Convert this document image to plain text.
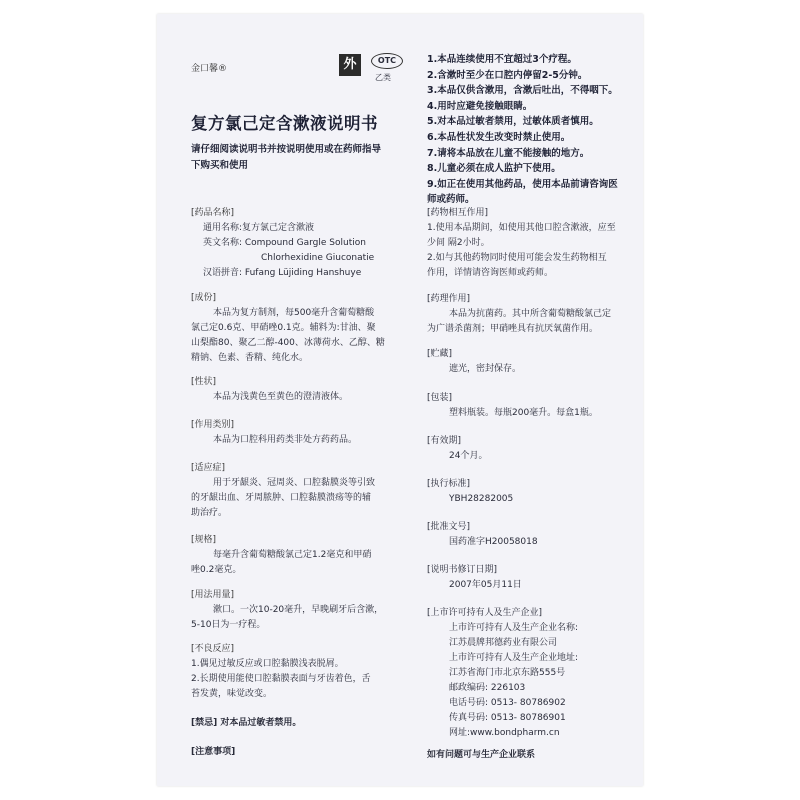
金口馨®	外	OTC
乙类
复方氯己定含漱液说明书
请仔细阅读说明书并按说明使用或在药师指导
下购买和使用
[药品名称]
通用名称:复方氯己定含漱液
英文名称: Compound Gargle Solution
Chlorhexidine Giuconatie
汉语拼音: Fufang Lüjiding Hanshuye
[成份]
本品为复方制剂，每500毫升含葡萄糖酸
氯己定0.6克、甲硝唑0.1克。辅料为:甘油、聚
山梨酯80、聚乙二醇-400、冰薄荷水、乙醇、糖
精钠、色素、香精、纯化水。
[性状]
本品为浅黄色至黄色的澄清液体。
[作用类别]
本品为口腔科用药类非处方药药品。
[适应症]
用于牙龈炎、冠周炎、口腔黏膜炎等引致
的牙龈出血、牙周脓肿、口腔黏膜溃疡等的辅
助治疗。
[规格]
每毫升含葡萄糖酸氯己定1.2毫克和甲硝
唑0.2毫克。
[用法用量]
漱口。一次10-20毫升，早晚刷牙后含漱，
5-10日为一疗程。
[不良反应]
1.偶见过敏反应或口腔黏膜浅表脱屑。
2.长期使用能使口腔黏膜表面与牙齿着色，舌
苔发黄，味觉改变。
[禁忌] 对本品过敏者禁用。
[注意事项]
1.本品连续使用不宜超过3个疗程。
2.含漱时至少在口腔内停留2-5分钟。
3.本品仅供含漱用，含漱后吐出，不得咽下。
4.用时应避免接触眼睛。
5.对本品过敏者禁用，过敏体质者慎用。
6.本品性状发生改变时禁止使用。
7.请将本品放在儿童不能接触的地方。
8.儿童必须在成人监护下使用。
9.如正在使用其他药品，使用本品前请咨询医
师或药师。
[药物相互作用]
1.使用本品期间，如使用其他口腔含漱液，应至
少间 隔2小时。
2.如与其他药物同时使用可能会发生药物相互
作用，详情请咨询医师或药师。
[药理作用]
本品为抗菌药。其中所含葡萄糖酸氯己定
为广谱杀菌剂；甲硝唑具有抗厌氧菌作用。
[贮藏]
遮光，密封保存。
[包装]
塑料瓶装。每瓶200毫升。每盒1瓶。
[有效期]
24个月。
[执行标准]
YBH28282005
[批准文号]
国药准字H20058018
[说明书修订日期]
2007年05月11日
[上市许可持有人及生产企业]
上市许可持有人及生产企业名称:
江苏晨牌邦德药业有限公司
上市许可持有人及生产企业地址:
江苏省海门市北京东路555号
邮政编码: 226103
电话号码: 0513- 80786902
传真号码: 0513- 80786901
网址:www.bondpharm.cn
如有问题可与生产企业联系
